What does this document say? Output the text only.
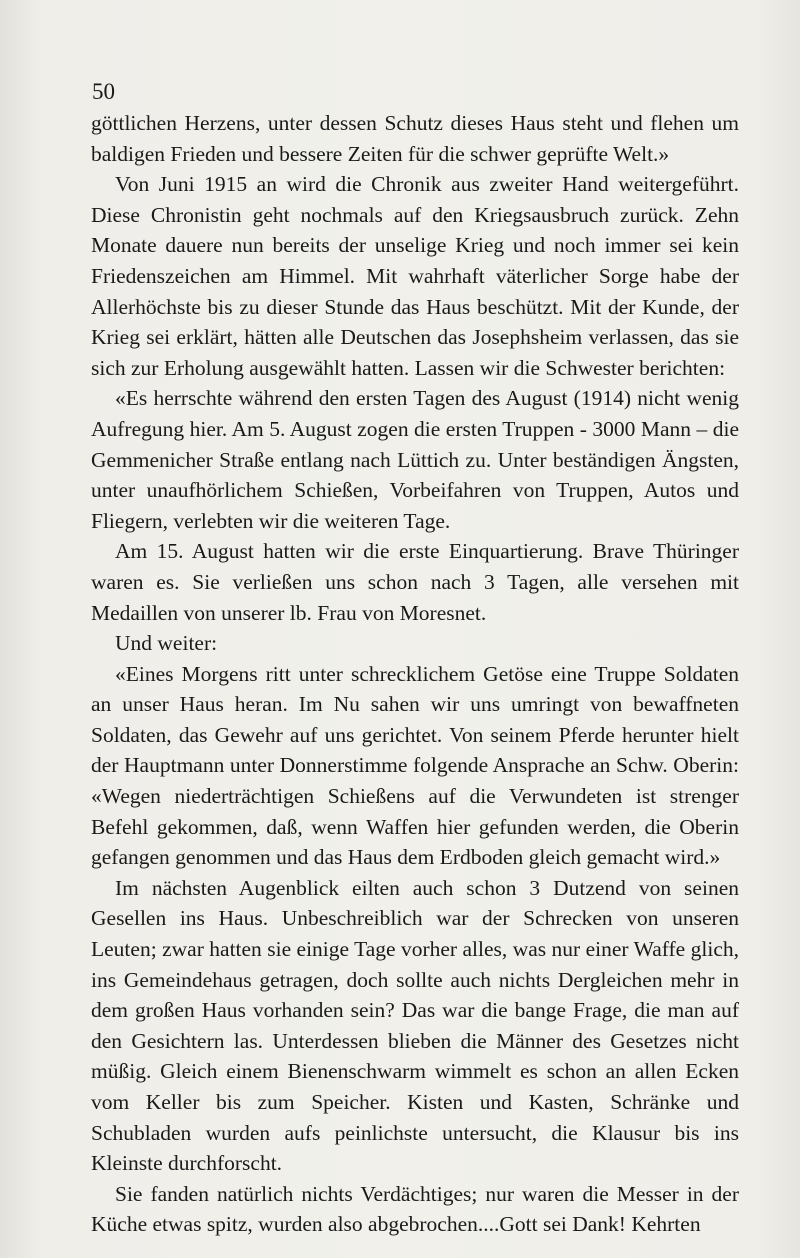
50

göttlichen Herzens, unter dessen Schutz dieses Haus steht und flehen um baldigen Frieden und bessere Zeiten für die schwer geprüfte Welt.»

Von Juni 1915 an wird die Chronik aus zweiter Hand weitergeführt. Diese Chronistin geht nochmals auf den Kriegsausbruch zurück. Zehn Monate dauere nun bereits der unselige Krieg und noch immer sei kein Friedenszeichen am Himmel. Mit wahrhaft väterlicher Sorge habe der Allerhöchste bis zu dieser Stunde das Haus beschützt. Mit der Kunde, der Krieg sei erklärt, hätten alle Deutschen das Josephsheim verlassen, das sie sich zur Erholung ausgewählt hatten. Lassen wir die Schwester berichten:

«Es herrschte während den ersten Tagen des August (1914) nicht wenig Aufregung hier. Am 5. August zogen die ersten Truppen - 3000 Mann – die Gemmenicher Straße entlang nach Lüttich zu. Unter beständigen Ängsten, unter unaufhörlichem Schießen, Vorbeifahren von Truppen, Autos und Fliegern, verlebten wir die weiteren Tage.

Am 15. August hatten wir die erste Einquartierung. Brave Thüringer waren es. Sie verließen uns schon nach 3 Tagen, alle versehen mit Medaillen von unserer lb. Frau von Moresnet.

Und weiter:

«Eines Morgens ritt unter schrecklichem Getöse eine Truppe Soldaten an unser Haus heran. Im Nu sahen wir uns umringt von bewaffneten Soldaten, das Gewehr auf uns gerichtet. Von seinem Pferde herunter hielt der Hauptmann unter Donnerstimme folgende Ansprache an Schw. Oberin: «Wegen niederträchtigen Schießens auf die Verwundeten ist strenger Befehl gekommen, daß, wenn Waffen hier gefunden werden, die Oberin gefangen genommen und das Haus dem Erdboden gleich gemacht wird.»

Im nächsten Augenblick eilten auch schon 3 Dutzend von seinen Gesellen ins Haus. Unbeschreiblich war der Schrecken von unseren Leuten; zwar hatten sie einige Tage vorher alles, was nur einer Waffe glich, ins Gemeindehaus getragen, doch sollte auch nichts Dergleichen mehr in dem großen Haus vorhanden sein? Das war die bange Frage, die man auf den Gesichtern las. Unterdessen blieben die Männer des Gesetzes nicht müßig. Gleich einem Bienenschwarm wimmelt es schon an allen Ecken vom Keller bis zum Speicher. Kisten und Kasten, Schränke und Schubladen wurden aufs peinlichste untersucht, die Klausur bis ins Kleinste durchforscht.

Sie fanden natürlich nichts Verdächtiges; nur waren die Messer in der Küche etwas spitz, wurden also abgebrochen....Gott sei Dank! Kehrten
